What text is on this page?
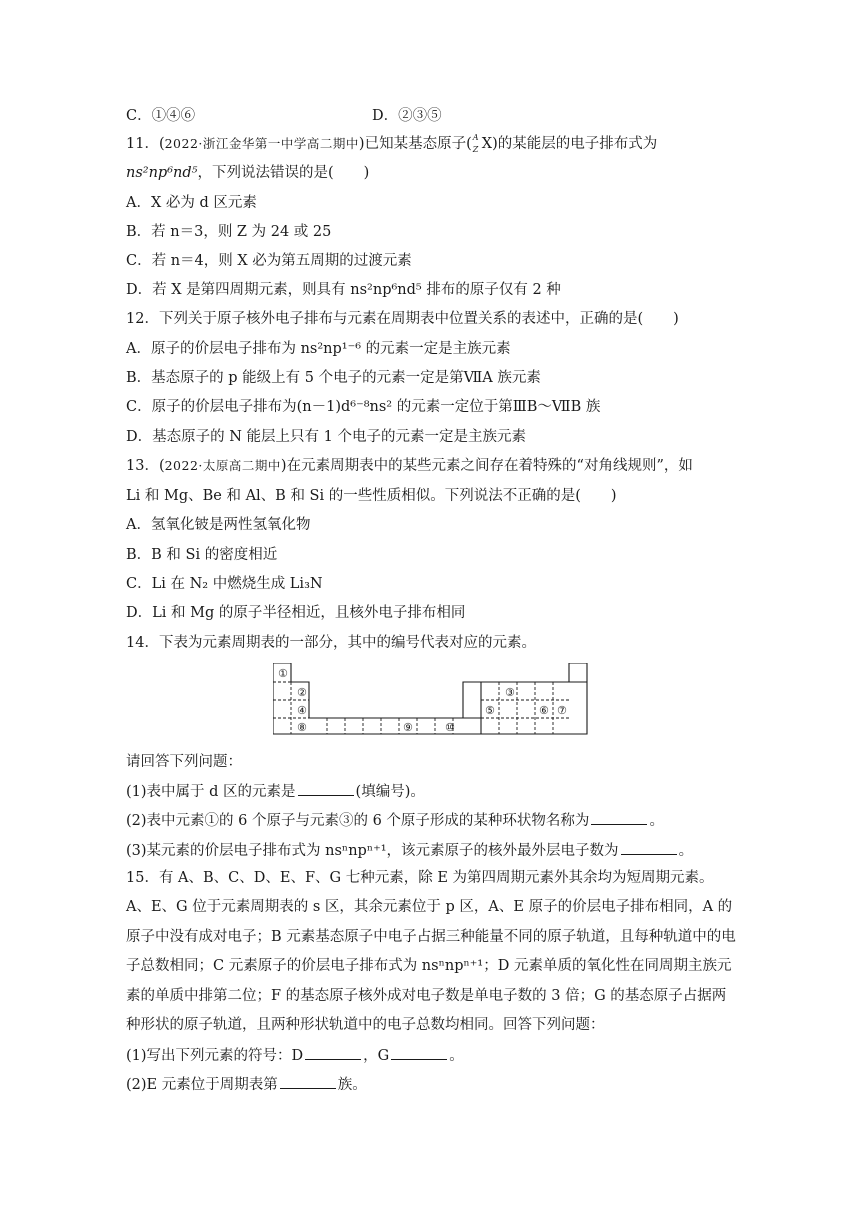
C．①④⑥	D．②③⑤
11．(2022·浙江金华第一中学高二期中)已知某基态原子( A
Z X)的某能层的电子排布式为
ns²np⁶nd⁵，下列说法错误的是( )
A．X 必为 d 区元素
B．若 n＝3，则 Z 为 24 或 25
C．若 n＝4，则 X 必为第五周期的过渡元素
D．若 X 是第四周期元素，则具有 ns²np⁶nd⁵ 排布的原子仅有 2 种
12．下列关于原子核外电子排布与元素在周期表中位置关系的表述中，正确的是( )
A．原子的价层电子排布为 ns²np¹⁻⁶ 的元素一定是主族元素
B．基态原子的 p 能级上有 5 个电子的元素一定是第ⅦA 族元素
C．原子的价层电子排布为(n－1)d⁶⁻⁸ns² 的元素一定位于第ⅢB～ⅦB 族
D．基态原子的 N 能层上只有 1 个电子的元素一定是主族元素
13．(2022·太原高二期中)在元素周期表中的某些元素之间存在着特殊的“对角线规则”，如
Li 和 Mg、Be 和 Al、B 和 Si 的一些性质相似。下列说法不正确的是( )
A．氢氧化铍是两性氢氧化物
B．B 和 Si 的密度相近
C．Li 在 N₂ 中燃烧生成 Li₃N
D．Li 和 Mg 的原子半径相近，且核外电子排布相同
14．下表为元素周期表的一部分，其中的编号代表对应的元素。
①
②	③
④	⑤	⑥ ⑦
⑧	⑨	⑩
请回答下列问题：
(1)表中属于 d 区的元素是	(填编号)。
(2)表中元素①的 6 个原子与元素③的 6 个原子形成的某种环状物名称为	。
(3)某元素的价层电子排布式为 nsⁿnpⁿ⁺¹，该元素原子的核外最外层电子数为	。
15．有 A、B、C、D、E、F、G 七种元素，除 E 为第四周期元素外其余均为短周期元素。A、E、G 位于元素周期表的 s 区，其余元素位于 p 区，A、E 原子的价层电子排布相同，A 的原子中没有成对电子；B 元素基态原子中电子占据三种能量不同的原子轨道，且每种轨道中的电子总数相同；C 元素原子的价层电子排布式为 nsⁿnpⁿ⁺¹；D 元素单质的氧化性在同周期主族元素的单质中排第二位；F 的基态原子核外成对电子数是单电子数的 3 倍；G 的基态原子占据两种形状的原子轨道，且两种形状轨道中的电子总数均相同。回答下列问题：
(1)写出下列元素的符号：D	，G	。
(2)E 元素位于周期表第	族。
